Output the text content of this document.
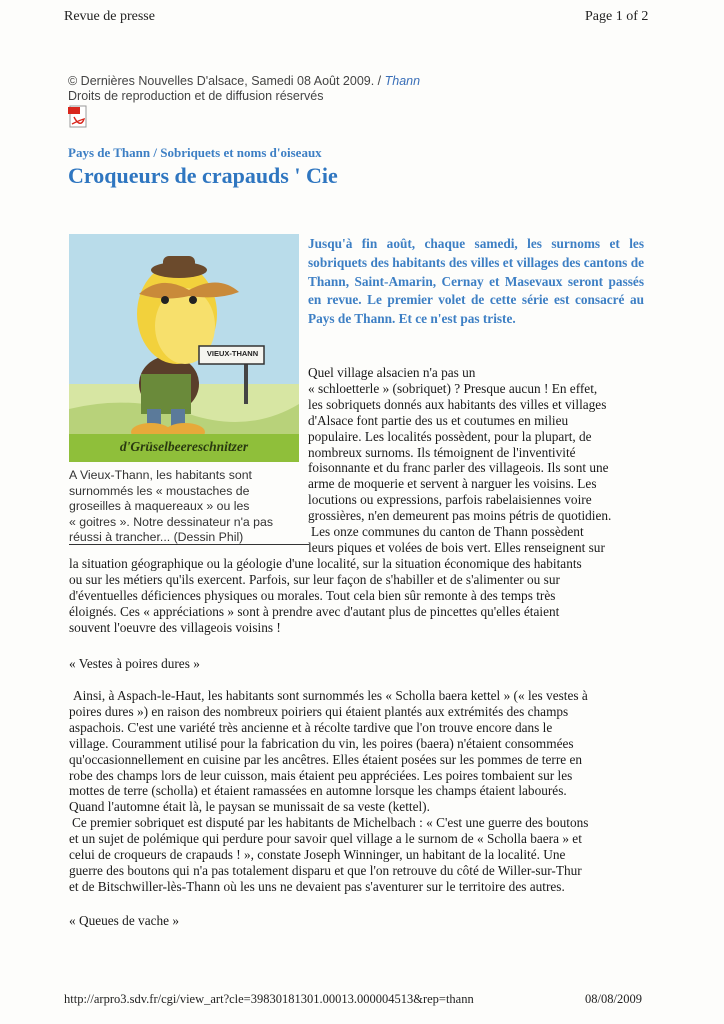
Revue de presse	Page 1 of 2
© Dernières Nouvelles D'alsace, Samedi 08 Août 2009. / Thann
Droits de reproduction et de diffusion réservés
Pays de Thann / Sobriquets et noms d'oiseaux
Croqueurs de crapauds ' Cie
VIEUX-THANN
d'Grüselbeereschnitzer
A Vieux-Thann, les habitants sont
surnommés les « moustaches de
groseilles à maquereaux » ou les
« goitres ». Notre dessinateur n'a pas
réussi à trancher... (Dessin Phil)
Jusqu'à fin août, chaque samedi, les surnoms et les sobriquets des habitants des villes et villages des cantons de Thann, Saint-Amarin, Cernay et Masevaux seront passés en revue. Le premier volet de cette série est consacré au Pays de Thann. Et ce n'est pas triste.
Quel village alsacien n'a pas un
« schloetterle » (sobriquet) ? Presque aucun ! En effet,
les sobriquets donnés aux habitants des villes et villages
d'Alsace font partie des us et coutumes en milieu
populaire. Les localités possèdent, pour la plupart, de
nombreux surnoms. Ils témoignent de l'inventivité
foisonnante et du franc parler des villageois. Ils sont une
arme de moquerie et servent à narguer les voisins. Les
locutions ou expressions, parfois rabelaisiennes voire
grossières, n'en demeurent pas moins pétris de quotidien.
Les onze communes du canton de Thann possèdent
leurs piques et volées de bois vert. Elles renseignent sur
la situation géographique ou la géologie d'une localité, sur la situation économique des habitants
ou sur les métiers qu'ils exercent. Parfois, sur leur façon de s'habiller et de s'alimenter ou sur
d'éventuelles déficiences physiques ou morales. Tout cela bien sûr remonte à des temps très
éloignés. Ces « appréciations » sont à prendre avec d'autant plus de pincettes qu'elles étaient
souvent l'oeuvre des villageois voisins !
« Vestes à poires dures »
Ainsi, à Aspach-le-Haut, les habitants sont surnommés les « Scholla baera kettel » (« les vestes à
poires dures ») en raison des nombreux poiriers qui étaient plantés aux extrémités des champs
aspachois. C'est une variété très ancienne et à récolte tardive que l'on trouve encore dans le
village. Couramment utilisé pour la fabrication du vin, les poires (baera) n'étaient consommées
qu'occasionnellement en cuisine par les ancêtres. Elles étaient posées sur les pommes de terre en
robe des champs lors de leur cuisson, mais étaient peu appréciées. Les poires tombaient sur les
mottes de terre (scholla) et étaient ramassées en automne lorsque les champs étaient labourés.
Quand l'automne était là, le paysan se munissait de sa veste (kettel).
Ce premier sobriquet est disputé par les habitants de Michelbach : « C'est une guerre des boutons
et un sujet de polémique qui perdure pour savoir quel village a le surnom de « Scholla baera » et
celui de croqueurs de crapauds ! », constate Joseph Winninger, un habitant de la localité. Une
guerre des boutons qui n'a pas totalement disparu et que l'on retrouve du côté de Willer-sur-Thur
et de Bitschwiller-lès-Thann où les uns ne devaient pas s'aventurer sur le territoire des autres.
« Queues de vache »
http://arpro3.sdv.fr/cgi/view_art?cle=39830181301.00013.000004513&rep=thann	08/08/2009
